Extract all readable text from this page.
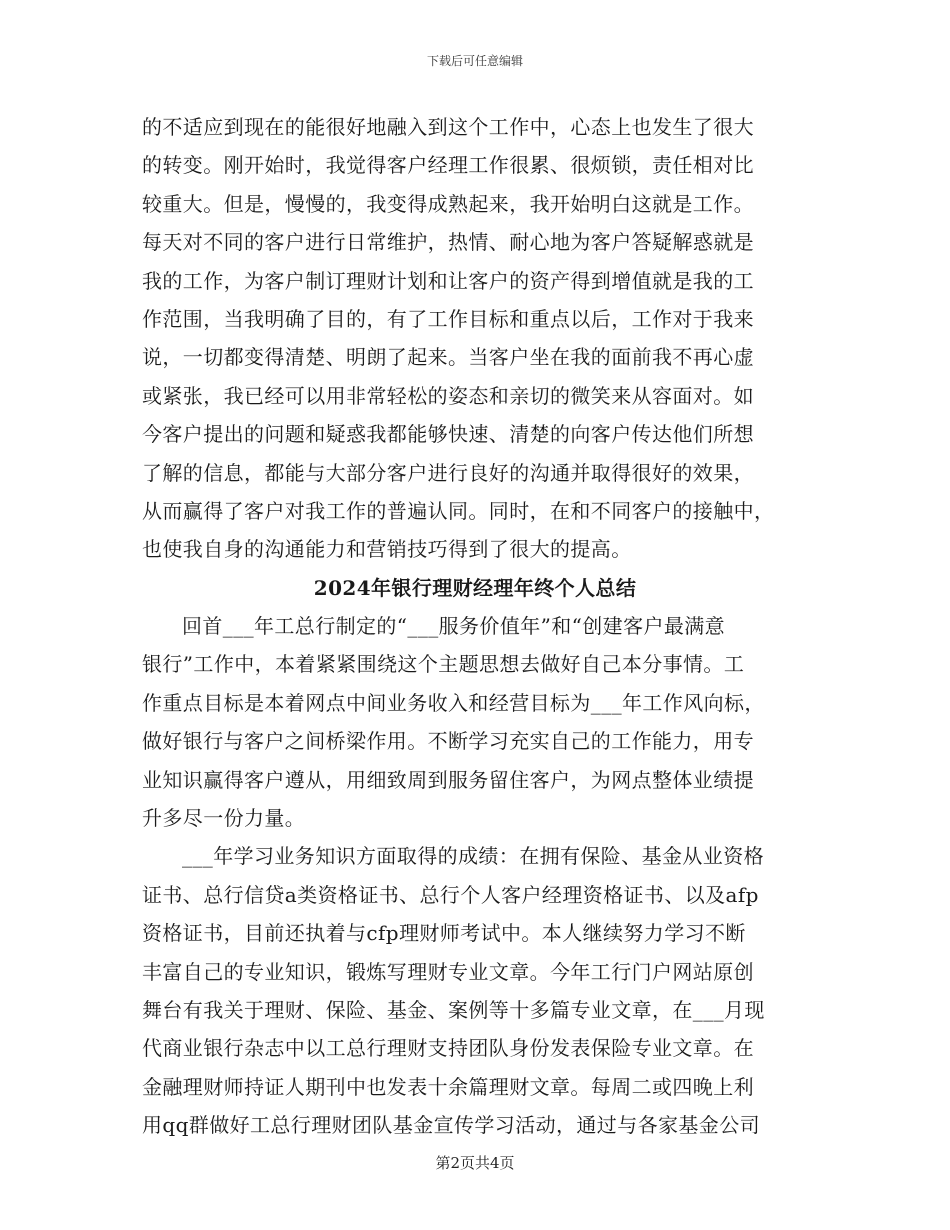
下载后可任意编辑
的不适应到现在的能很好地融入到这个工作中，心态上也发生了很大
的转变。刚开始时，我觉得客户经理工作很累、很烦锁，责任相对比
较重大。但是，慢慢的，我变得成熟起来，我开始明白这就是工作。
每天对不同的客户进行日常维护，热情、耐心地为客户答疑解惑就是
我的工作，为客户制订理财计划和让客户的资产得到增值就是我的工
作范围，当我明确了目的，有了工作目标和重点以后，工作对于我来
说，一切都变得清楚、明朗了起来。当客户坐在我的面前我不再心虚
或紧张，我已经可以用非常轻松的姿态和亲切的微笑来从容面对。如
今客户提出的问题和疑惑我都能够快速、清楚的向客户传达他们所想
了解的信息，都能与大部分客户进行良好的沟通并取得很好的效果，
从而赢得了客户对我工作的普遍认同。同时，在和不同客户的接触中，
也使我自身的沟通能力和营销技巧得到了很大的提高。
2024年银行理财经理年终个人总结
回首___年工总行制定的“___服务价值年”和“创建客户最满意
银行”工作中，本着紧紧围绕这个主题思想去做好自己本分事情。工
作重点目标是本着网点中间业务收入和经营目标为___年工作风向标，
做好银行与客户之间桥梁作用。不断学习充实自己的工作能力，用专
业知识赢得客户遵从，用细致周到服务留住客户，为网点整体业绩提
升多尽一份力量。
___年学习业务知识方面取得的成绩：在拥有保险、基金从业资格
证书、总行信贷a类资格证书、总行个人客户经理资格证书、以及afp
资格证书，目前还执着与cfp理财师考试中。本人继续努力学习不断
丰富自己的专业知识，锻炼写理财专业文章。今年工行门户网站原创
舞台有我关于理财、保险、基金、案例等十多篇专业文章，在___月现
代商业银行杂志中以工总行理财支持团队身份发表保险专业文章。在
金融理财师持证人期刊中也发表十余篇理财文章。每周二或四晚上利
用qq群做好工总行理财团队基金宣传学习活动，通过与各家基金公司
第2页共4页
